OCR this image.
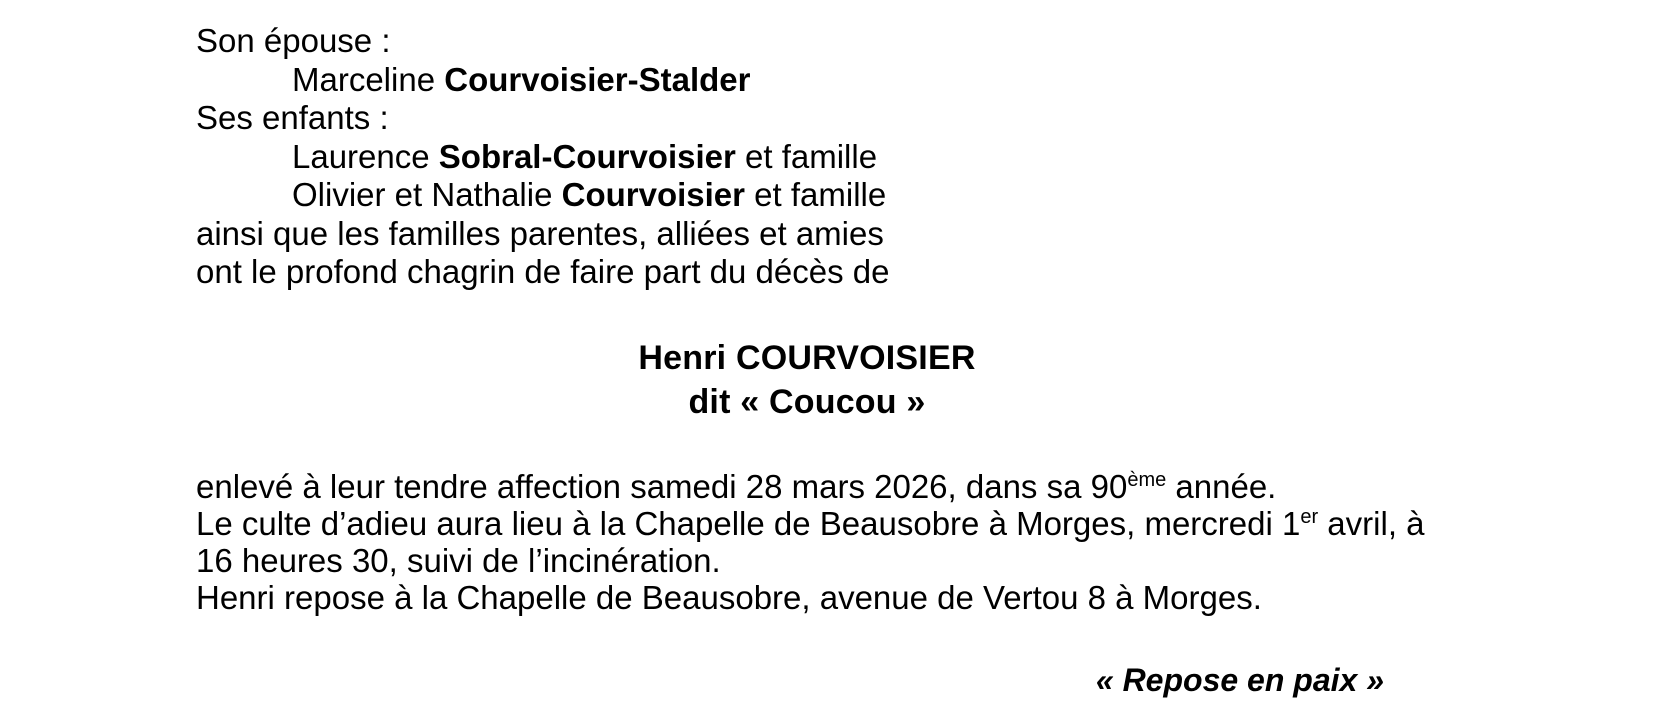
Son épouse :
Marceline Courvoisier-Stalder
Ses enfants :
Laurence Sobral-Courvoisier et famille
Olivier et Nathalie Courvoisier et famille
ainsi que les familles parentes, alliées et amies
ont le profond chagrin de faire part du décès de
Henri COURVOISIER
dit « Coucou »
enlevé à leur tendre affection samedi 28 mars 2026, dans sa 90ème année.
Le culte d’adieu aura lieu à la Chapelle de Beausobre à Morges, mercredi 1er avril, à
16 heures 30, suivi de l’incinération.
Henri repose à la Chapelle de Beausobre, avenue de Vertou 8 à Morges.
« Repose en paix »
